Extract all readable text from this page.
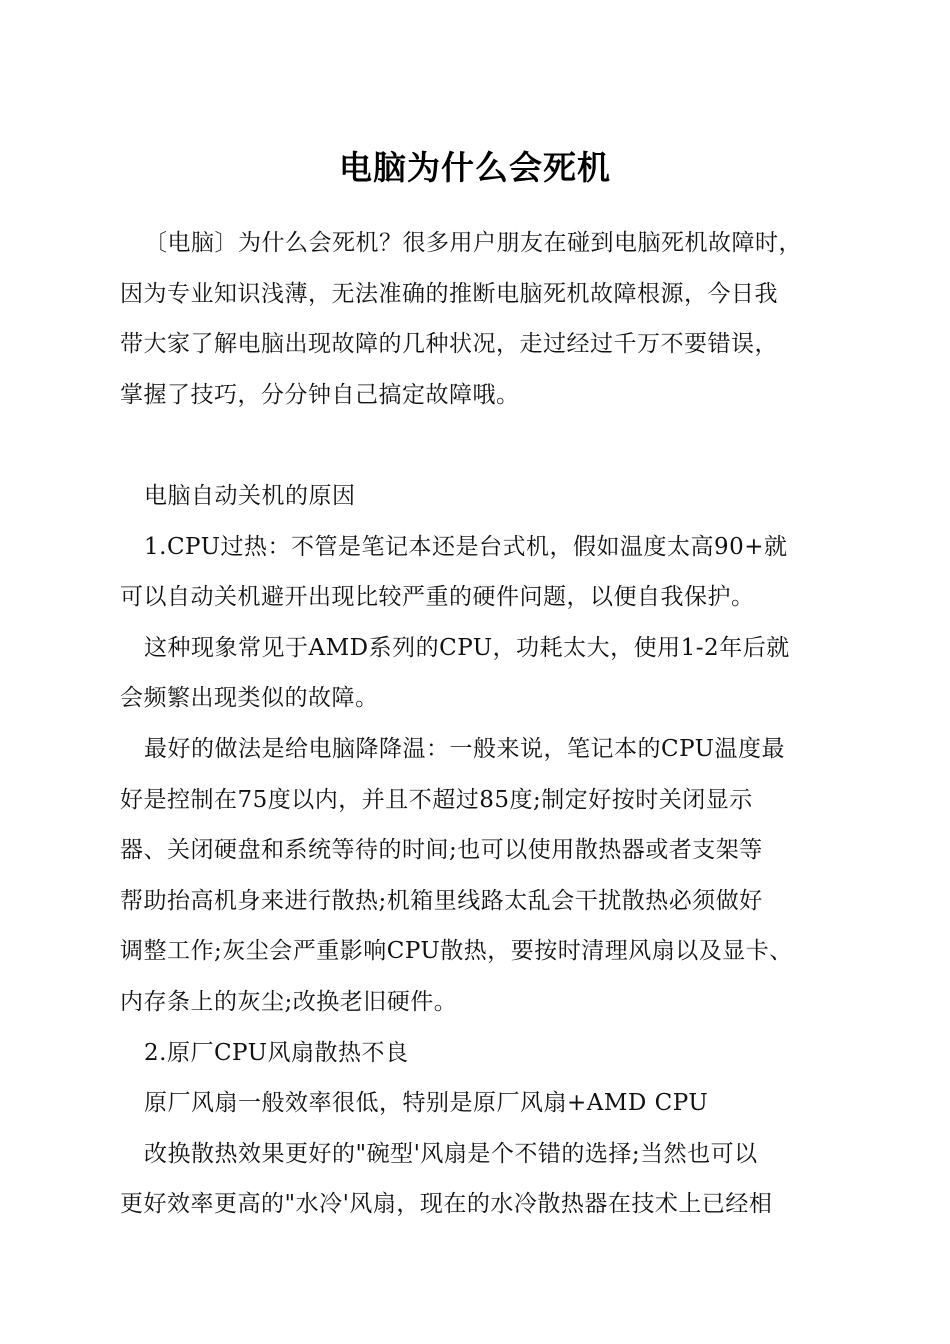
电脑为什么会死机
〔电脑〕为什么会死机？很多用户朋友在碰到电脑死机故障时，
因为专业知识浅薄，无法准确的推断电脑死机故障根源，今日我
带大家了解电脑出现故障的几种状况，走过经过千万不要错误，
掌握了技巧，分分钟自己搞定故障哦。
电脑自动关机的原因
1.CPU过热：不管是笔记本还是台式机，假如温度太高90+就
可以自动关机避开出现比较严重的硬件问题，以便自我保护。
这种现象常见于AMD系列的CPU，功耗太大，使用1-2年后就
会频繁出现类似的故障。
最好的做法是给电脑降降温：一般来说，笔记本的CPU温度最
好是控制在75度以内，并且不超过85度;制定好按时关闭显示
器、关闭硬盘和系统等待的时间;也可以使用散热器或者支架等
帮助抬高机身来进行散热;机箱里线路太乱会干扰散热必须做好
调整工作;灰尘会严重影响CPU散热，要按时清理风扇以及显卡、
内存条上的灰尘;改换老旧硬件。
2.原厂CPU风扇散热不良
原厂风扇一般效率很低，特别是原厂风扇+AMD CPU
改换散热效果更好的"碗型'风扇是个不错的选择;当然也可以
更好效率更高的"水冷'风扇，现在的水冷散热器在技术上已经相
